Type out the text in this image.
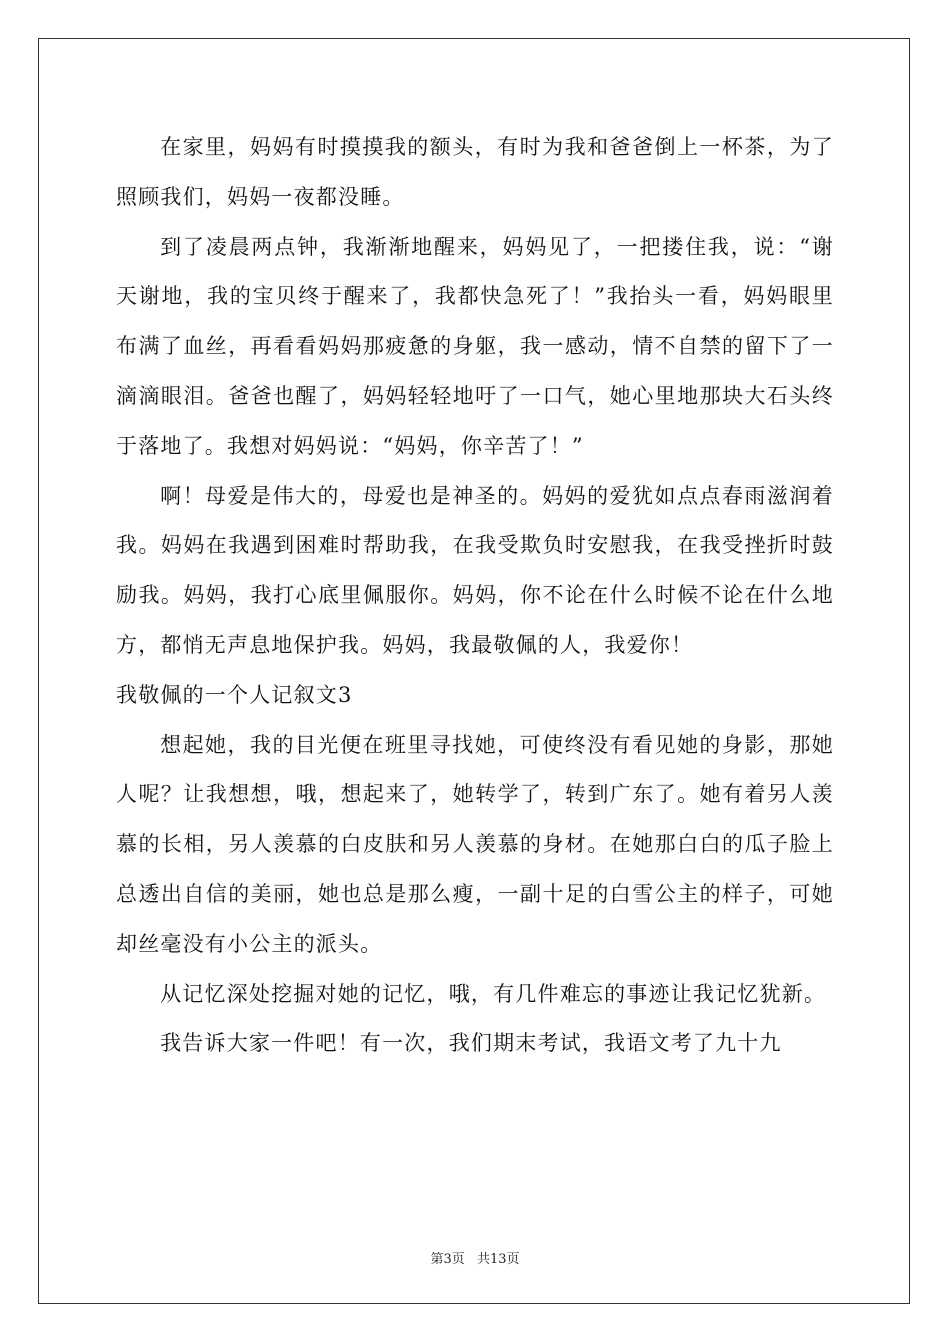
在家里，妈妈有时摸摸我的额头，有时为我和爸爸倒上一杯茶，为了照顾我们，妈妈一夜都没睡。

到了凌晨两点钟，我渐渐地醒来，妈妈见了，一把搂住我，说：“谢天谢地，我的宝贝终于醒来了，我都快急死了！”我抬头一看，妈妈眼里布满了血丝，再看看妈妈那疲惫的身躯，我一感动，情不自禁的留下了一滴滴眼泪。爸爸也醒了，妈妈轻轻地吁了一口气，她心里地那块大石头终于落地了。我想对妈妈说：“妈妈，你辛苦了！”

啊！母爱是伟大的，母爱也是神圣的。妈妈的爱犹如点点春雨滋润着我。妈妈在我遇到困难时帮助我，在我受欺负时安慰我，在我受挫折时鼓励我。妈妈，我打心底里佩服你。妈妈，你不论在什么时候不论在什么地方，都悄无声息地保护我。妈妈，我最敬佩的人，我爱你！

我敬佩的一个人记叙文3

想起她，我的目光便在班里寻找她，可使终没有看见她的身影，那她人呢？让我想想，哦，想起来了，她转学了，转到广东了。她有着另人羡慕的长相，另人羡慕的白皮肤和另人羡慕的身材。在她那白白的瓜子脸上总透出自信的美丽，她也总是那么瘦，一副十足的白雪公主的样子，可她却丝毫没有小公主的派头。

从记忆深处挖掘对她的记忆，哦，有几件难忘的事迹让我记忆犹新。

我告诉大家一件吧！有一次，我们期末考试，我语文考了九十九

第3页 共13页
